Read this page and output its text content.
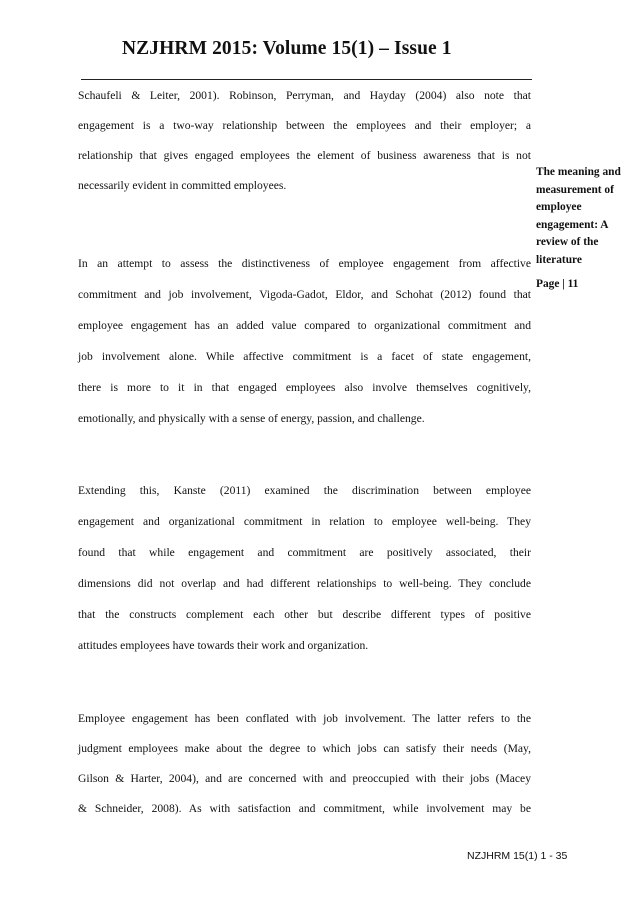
NZJHRM 2015: Volume 15(1) – Issue 1
Schaufeli & Leiter, 2001). Robinson, Perryman, and Hayday (2004) also note that
engagement is a two-way relationship between the employees and their employer; a
relationship that gives engaged employees the element of business awareness that is not
necessarily evident in committed employees.
In an attempt to assess the distinctiveness of employee engagement from affective
commitment and job involvement, Vigoda-Gadot, Eldor, and Schohat (2012) found that
employee engagement has an added value compared to organizational commitment and
job involvement alone. While affective commitment is a facet of state engagement,
there is more to it in that engaged employees also involve themselves cognitively,
emotionally, and physically with a sense of energy, passion, and challenge.
Extending this, Kanste (2011) examined the discrimination between employee
engagement and organizational commitment in relation to employee well-being. They
found that while engagement and commitment are positively associated, their
dimensions did not overlap and had different relationships to well-being. They conclude
that the constructs complement each other but describe different types of positive
attitudes employees have towards their work and organization.
Employee engagement has been conflated with job involvement. The latter refers to the
judgment employees make about the degree to which jobs can satisfy their needs (May,
Gilson & Harter, 2004), and are concerned with and preoccupied with their jobs (Macey
& Schneider, 2008). As with satisfaction and commitment, while involvement may be
The meaning and
measurement of
employee
engagement: A
review of the
literature
Page | 11
NZJHRM 15(1) 1 - 35
